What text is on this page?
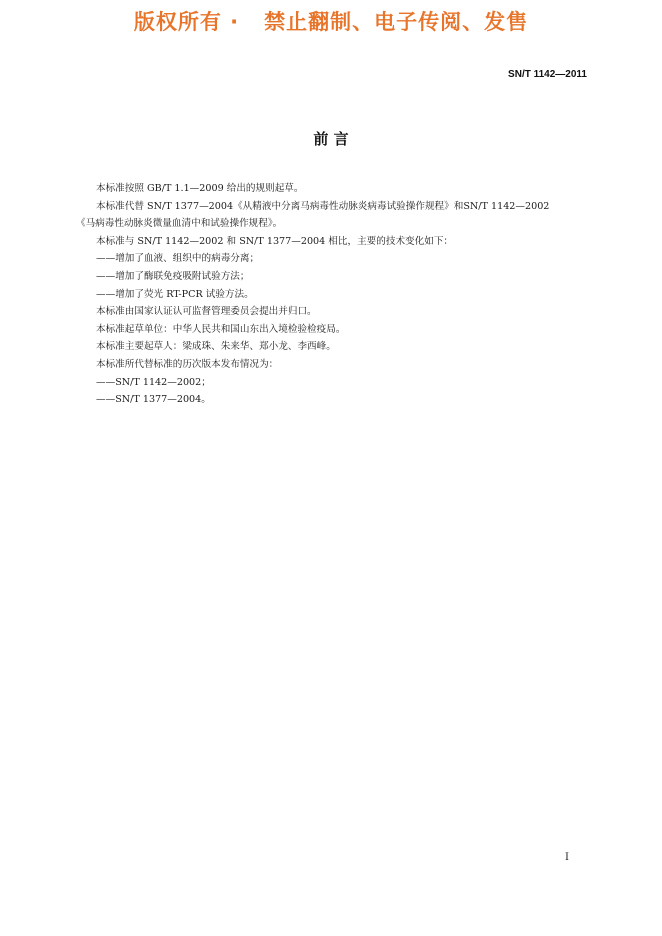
版权所有 ·   禁止翻制、电子传阅、发售
SN/T 1142—2011
前 言

本标准按照 GB/T 1.1—2009 给出的规则起草。

本标准代替 SN/T 1377—2004《从精液中分离马病毒性动脉炎病毒试验操作规程》和SN/T 1142—2002

《马病毒性动脉炎微量血清中和试验操作规程》。

本标准与 SN/T 1142—2002 和 SN/T 1377—2004 相比，主要的技术变化如下：

——增加了血液、组织中的病毒分离；

——增加了酶联免疫吸附试验方法；

——增加了荧光 RT-PCR 试验方法。

本标准由国家认证认可监督管理委员会提出并归口。

本标准起草单位：中华人民共和国山东出入境检验检疫局。

本标准主要起草人：梁成珠、朱来华、郑小龙、李西峰。

本标准所代替标准的历次版本发布情况为：

——SN/T 1142—2002；

——SN/T 1377—2004。

I
